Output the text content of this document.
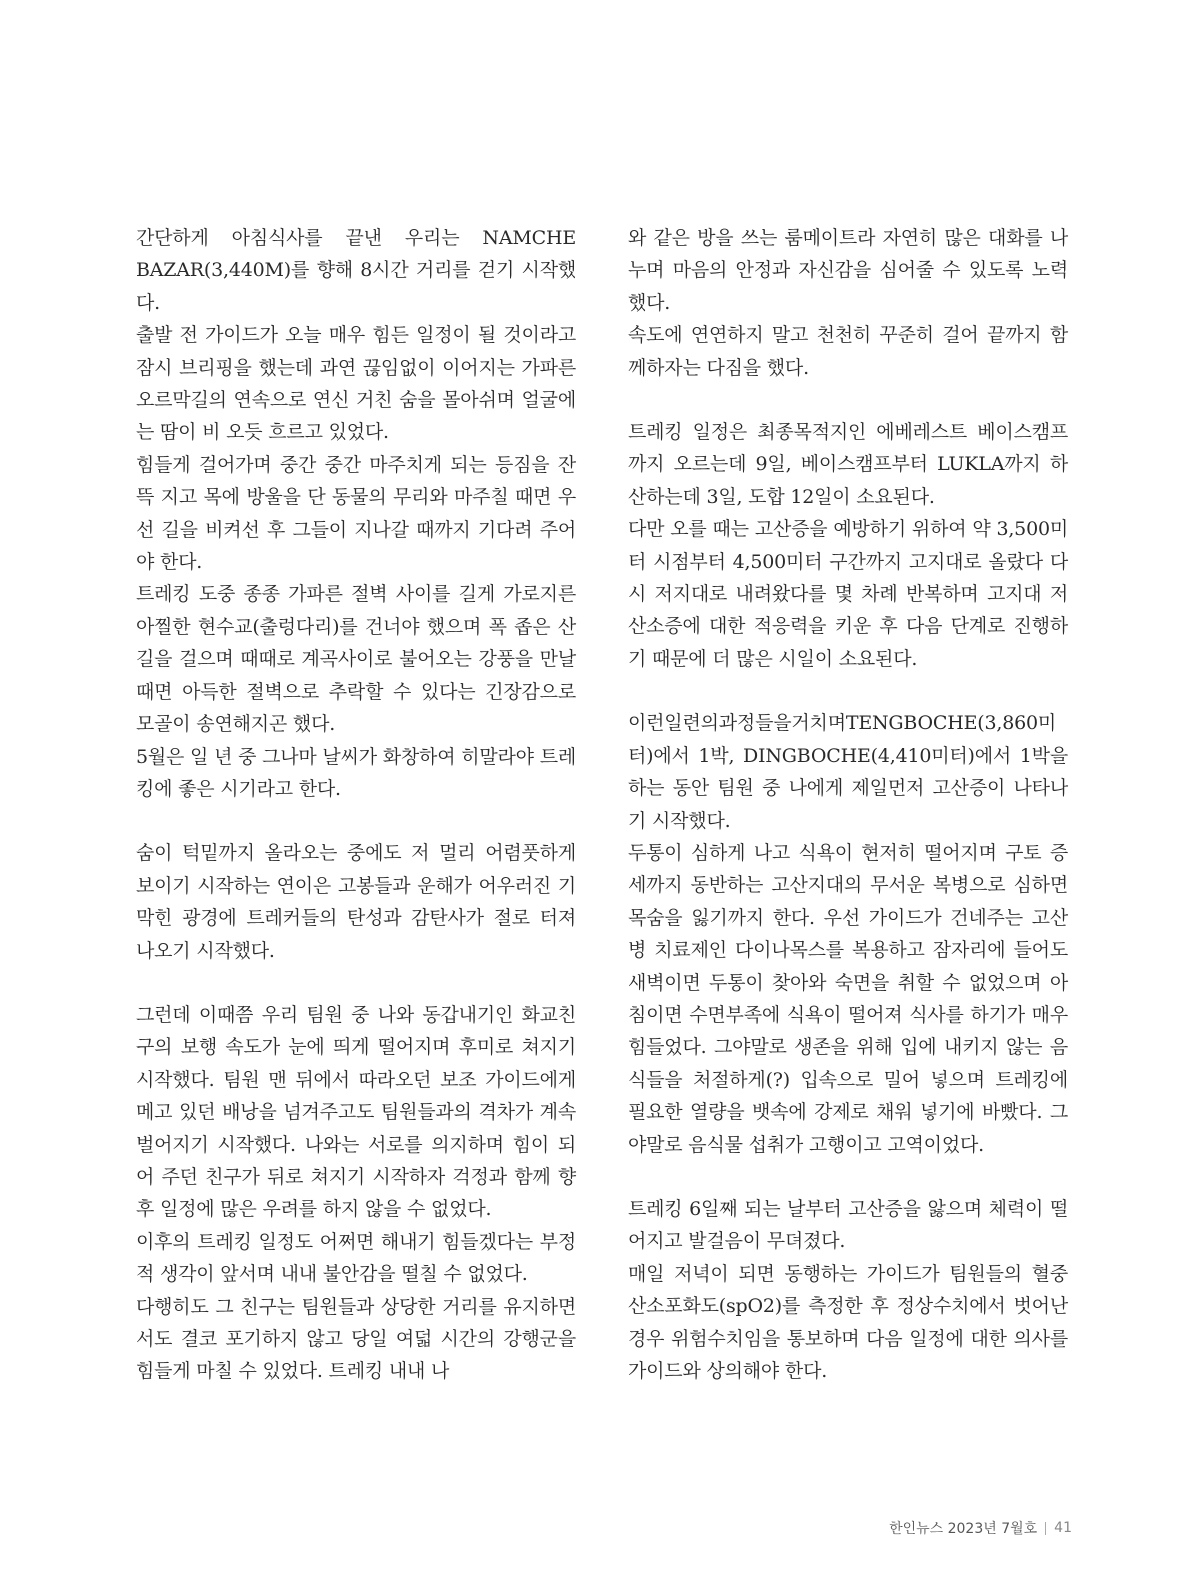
간단하게 아침식사를 끝낸 우리는 NAMCHE BAZAR(3,440M)를 향해 8시간 거리를 걷기 시작했다.

출발 전 가이드가 오늘 매우 힘든 일정이 될 것이라고 잠시 브리핑을 했는데 과연 끊임없이 이어지는 가파른 오르막길의 연속으로 연신 거친 숨을 몰아쉬며 얼굴에는 땀이 비 오듯 흐르고 있었다.

힘들게 걸어가며 중간 중간 마주치게 되는 등짐을 잔뜩 지고 목에 방울을 단 동물의 무리와 마주칠 때면 우선 길을 비켜선 후 그들이 지나갈 때까지 기다려 주어야 한다.

트레킹 도중 종종 가파른 절벽 사이를 길게 가로지른 아찔한 현수교(출렁다리)를 건너야 했으며 폭 좁은 산길을 걸으며 때때로 계곡사이로 불어오는 강풍을 만날 때면 아득한 절벽으로 추락할 수 있다는 긴장감으로 모골이 송연해지곤 했다.

5월은 일 년 중 그나마 날씨가 화창하여 히말라야 트레킹에 좋은 시기라고 한다.

숨이 턱밑까지 올라오는 중에도 저 멀리 어렴풋하게 보이기 시작하는 연이은 고봉들과 운해가 어우러진 기막힌 광경에 트레커들의 탄성과 감탄사가 절로 터져 나오기 시작했다.

그런데 이때쯤 우리 팀원 중 나와 동갑내기인 화교친구의 보행 속도가 눈에 띄게 떨어지며 후미로 쳐지기 시작했다. 팀원 맨 뒤에서 따라오던 보조 가이드에게 메고 있던 배낭을 넘겨주고도 팀원들과의 격차가 계속 벌어지기 시작했다. 나와는 서로를 의지하며 힘이 되어 주던 친구가 뒤로 쳐지기 시작하자 걱정과 함께 향후 일정에 많은 우려를 하지 않을 수 없었다.

이후의 트레킹 일정도 어쩌면 해내기 힘들겠다는 부정적 생각이 앞서며 내내 불안감을 떨칠 수 없었다.

다행히도 그 친구는 팀원들과 상당한 거리를 유지하면서도 결코 포기하지 않고 당일 여덟 시간의 강행군을 힘들게 마칠 수 있었다. 트레킹 내내 나

와 같은 방을 쓰는 룸메이트라 자연히 많은 대화를 나누며 마음의 안정과 자신감을 심어줄 수 있도록 노력했다.

속도에 연연하지 말고 천천히 꾸준히 걸어 끝까지 함께하자는 다짐을 했다.

트레킹 일정은 최종목적지인 에베레스트 베이스캠프까지 오르는데 9일, 베이스캠프부터 LUKLA까지 하산하는데 3일, 도합 12일이 소요된다.

다만 오를 때는 고산증을 예방하기 위하여 약 3,500미터 시점부터 4,500미터 구간까지 고지대로 올랐다 다시 저지대로 내려왔다를 몇 차례 반복하며 고지대 저산소증에 대한 적응력을 키운 후 다음 단계로 진행하기 때문에 더 많은 시일이 소요된다.

이런일련의과정들을거치며TENGBOCHE(3,860미터)에서 1박, DINGBOCHE(4,410미터)에서 1박을 하는 동안 팀원 중 나에게 제일먼저 고산증이 나타나기 시작했다.

두통이 심하게 나고 식욕이 현저히 떨어지며 구토 증세까지 동반하는 고산지대의 무서운 복병으로 심하면 목숨을 잃기까지 한다. 우선 가이드가 건네주는 고산병 치료제인 다이나목스를 복용하고 잠자리에 들어도 새벽이면 두통이 찾아와 숙면을 취할 수 없었으며 아침이면 수면부족에 식욕이 떨어져 식사를 하기가 매우 힘들었다. 그야말로 생존을 위해 입에 내키지 않는 음식들을 처절하게(?) 입속으로 밀어 넣으며 트레킹에 필요한 열량을 뱃속에 강제로 채워 넣기에 바빴다. 그야말로 음식물 섭취가 고행이고 고역이었다.

트레킹 6일째 되는 날부터 고산증을 앓으며 체력이 떨어지고 발걸음이 무뎌졌다.

매일 저녁이 되면 동행하는 가이드가 팀원들의 혈중 산소포화도(spO2)를 측정한 후 정상수치에서 벗어난 경우 위험수치임을 통보하며 다음 일정에 대한 의사를 가이드와 상의해야 한다.

한인뉴스 2023년 7월호 41
